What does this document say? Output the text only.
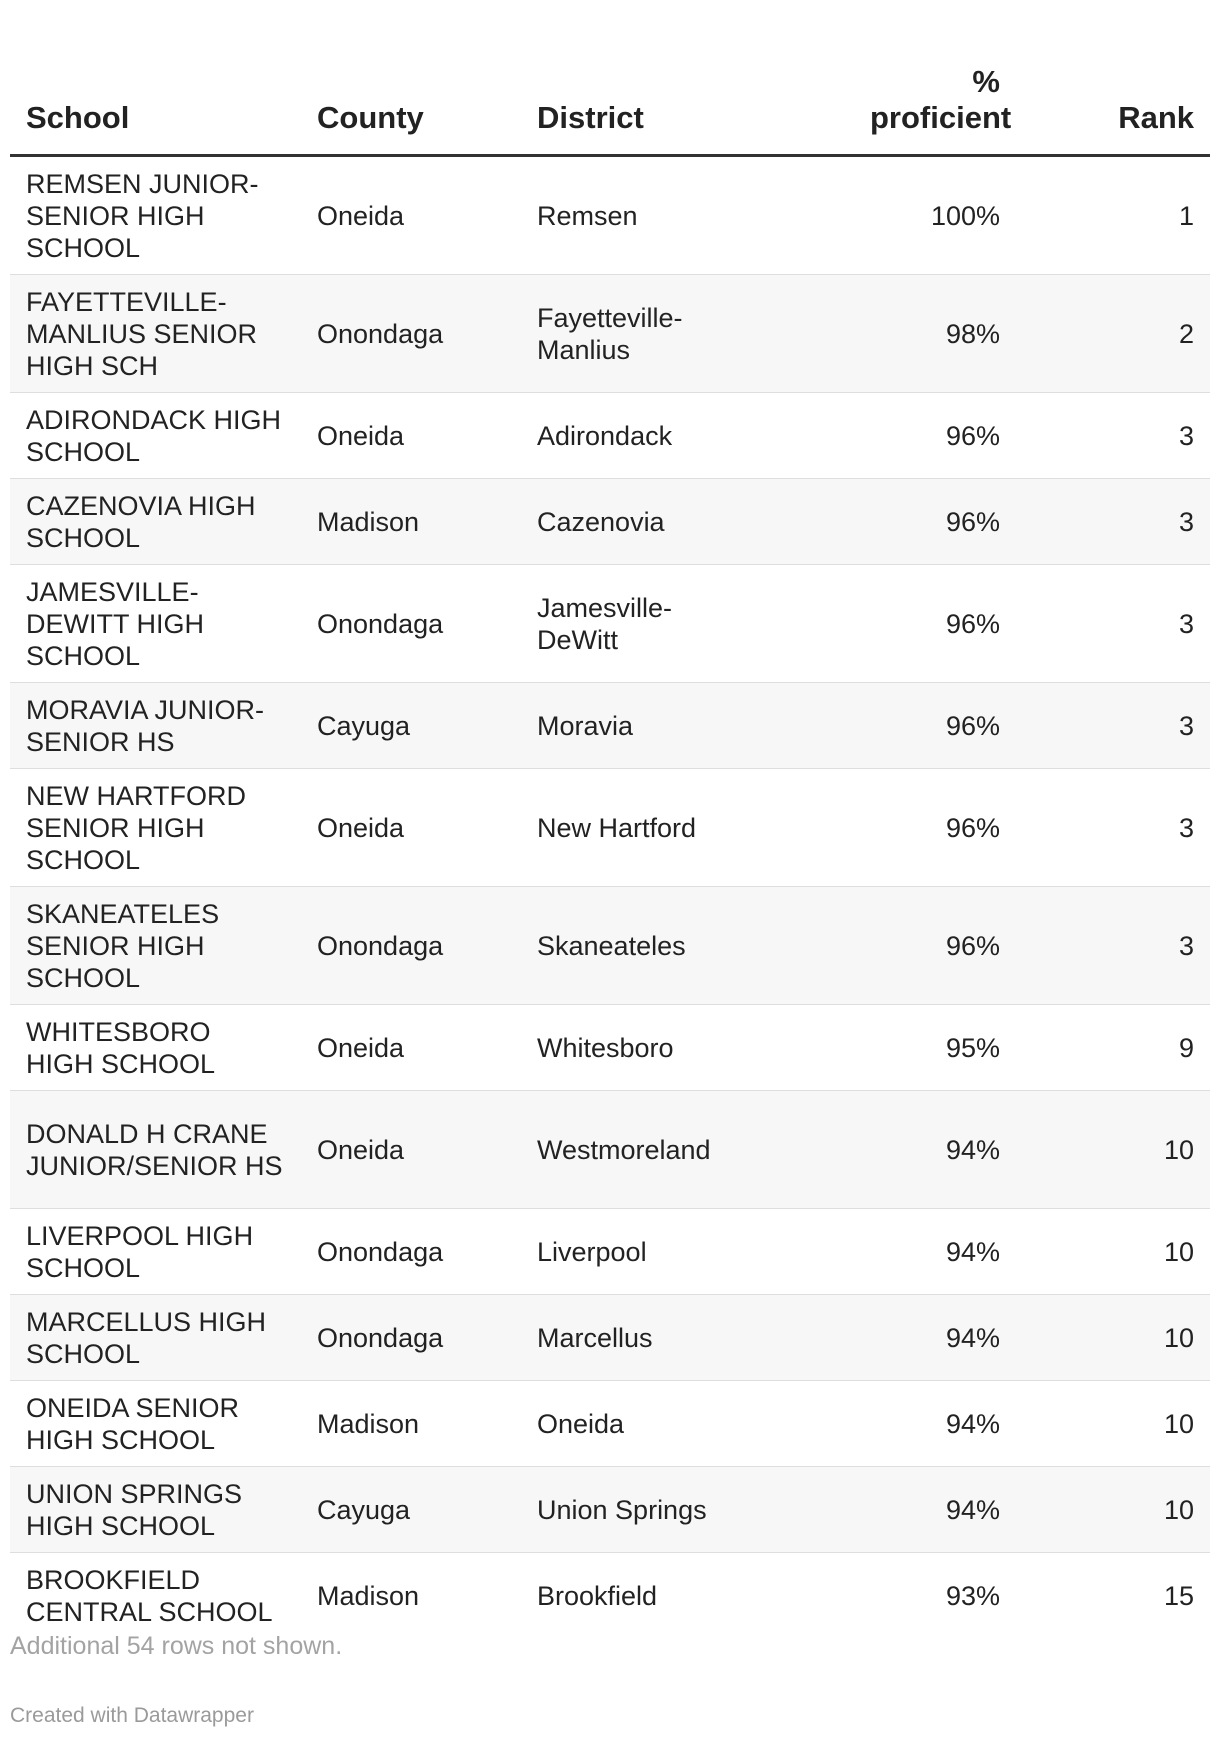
School	County	District	% proficient	Rank
REMSEN JUNIOR-SENIOR HIGH SCHOOL	Oneida	Remsen	100%	1
FAYETTEVILLE-MANLIUS SENIOR HIGH SCH	Onondaga	Fayetteville-Manlius	98%	2
ADIRONDACK HIGH SCHOOL	Oneida	Adirondack	96%	3
CAZENOVIA HIGH SCHOOL	Madison	Cazenovia	96%	3
JAMESVILLE-DEWITT HIGH SCHOOL	Onondaga	Jamesville-DeWitt	96%	3
MORAVIA JUNIOR-SENIOR HS	Cayuga	Moravia	96%	3
NEW HARTFORD SENIOR HIGH SCHOOL	Oneida	New Hartford	96%	3
SKANEATELES SENIOR HIGH SCHOOL	Onondaga	Skaneateles	96%	3
WHITESBORO HIGH SCHOOL	Oneida	Whitesboro	95%	9
DONALD H CRANE JUNIOR/SENIOR HS	Oneida	Westmoreland	94%	10
LIVERPOOL HIGH SCHOOL	Onondaga	Liverpool	94%	10
MARCELLUS HIGH SCHOOL	Onondaga	Marcellus	94%	10
ONEIDA SENIOR HIGH SCHOOL	Madison	Oneida	94%	10
UNION SPRINGS HIGH SCHOOL	Cayuga	Union Springs	94%	10
BROOKFIELD CENTRAL SCHOOL	Madison	Brookfield	93%	15
Additional 54 rows not shown.
Created with Datawrapper
